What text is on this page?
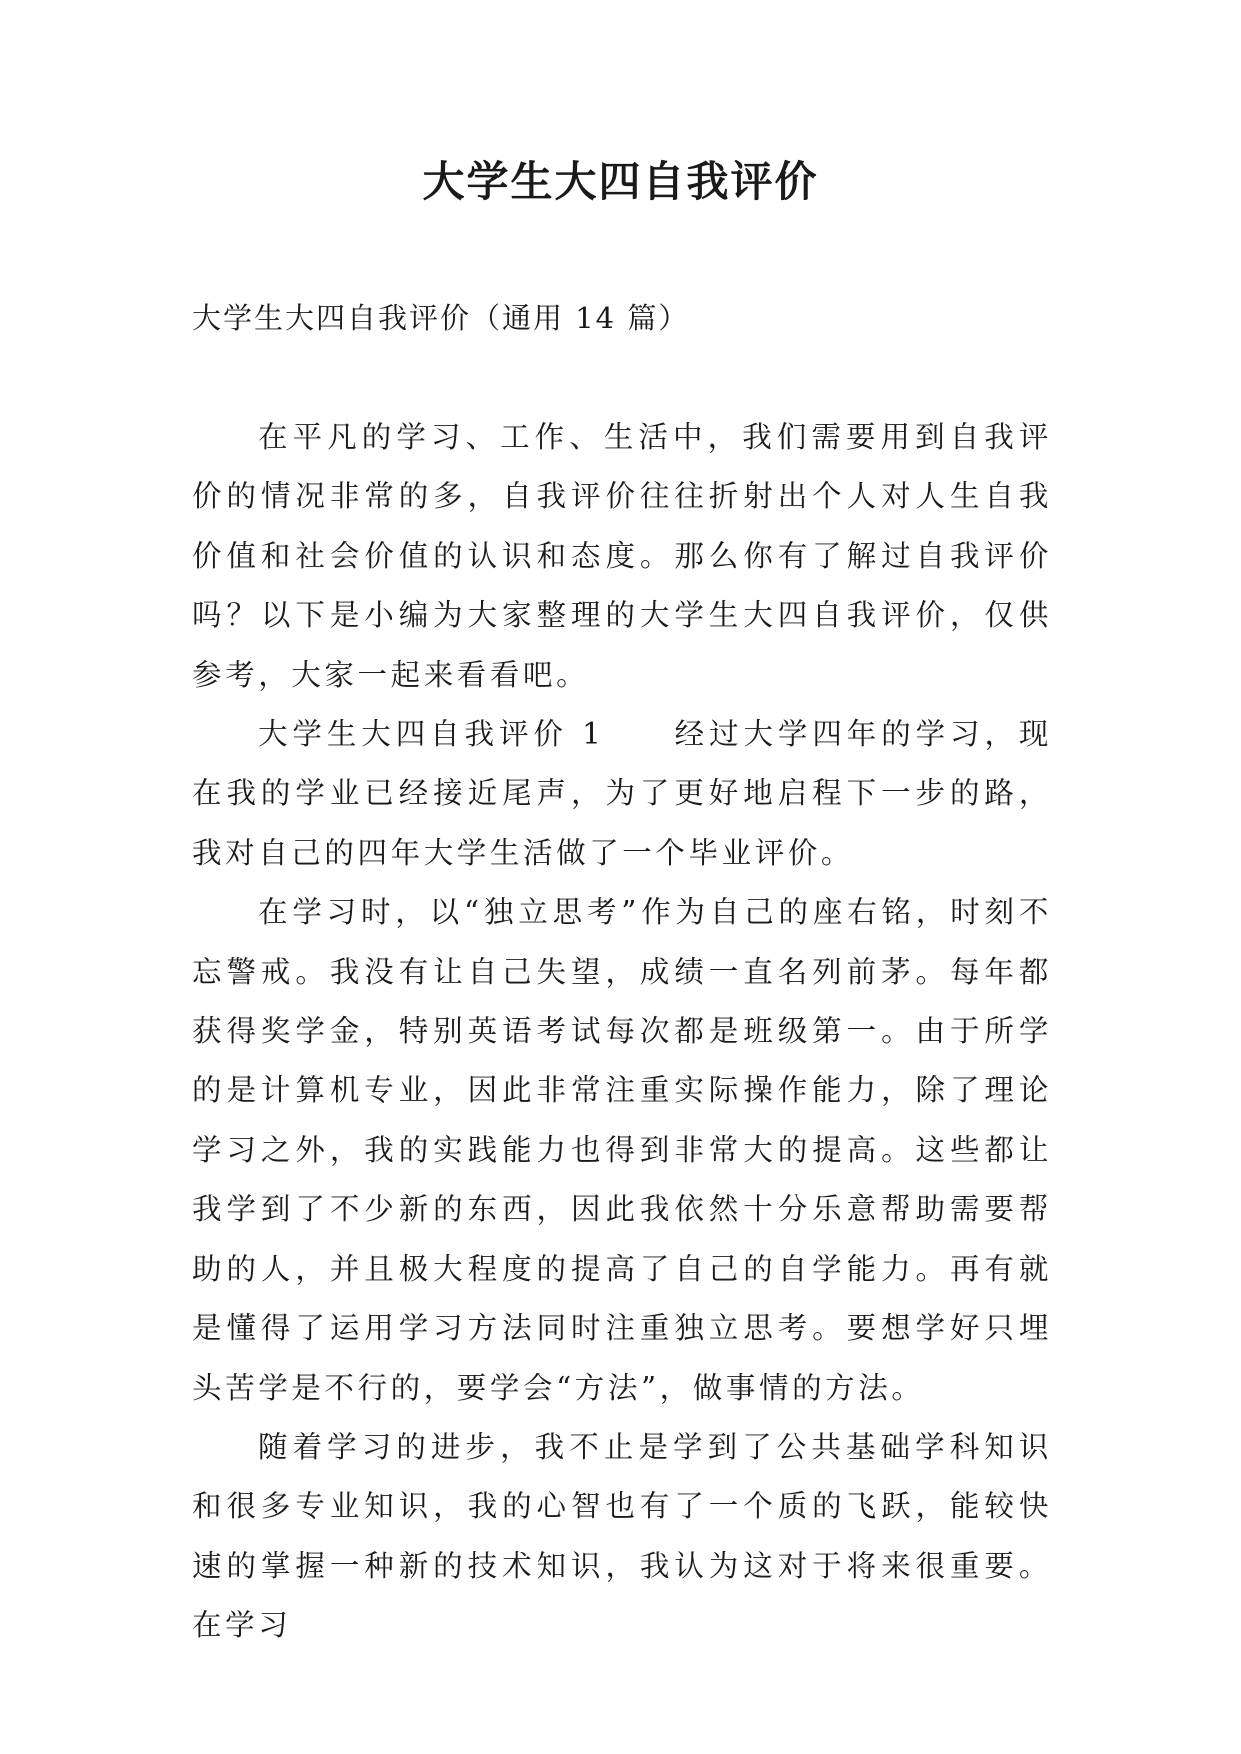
大学生大四自我评价

大学生大四自我评价（通用 14 篇）

在平凡的学习、工作、生活中，我们需要用到自我评价的情况非常的多，自我评价往往折射出个人对人生自我价值和社会价值的认识和态度。那么你有了解过自我评价吗？以下是小编为大家整理的大学生大四自我评价，仅供参考，大家一起来看看吧。

大学生大四自我评价 1　　经过大学四年的学习，现在我的学业已经接近尾声，为了更好地启程下一步的路，我对自己的四年大学生活做了一个毕业评价。

在学习时，以“独立思考”作为自己的座右铭，时刻不忘警戒。我没有让自己失望，成绩一直名列前茅。每年都获得奖学金，特别英语考试每次都是班级第一。由于所学的是计算机专业，因此非常注重实际操作能力，除了理论学习之外，我的实践能力也得到非常大的提高。这些都让我学到了不少新的东西，因此我依然十分乐意帮助需要帮助的人，并且极大程度的提高了自己的自学能力。再有就是懂得了运用学习方法同时注重独立思考。要想学好只埋头苦学是不行的，要学会“方法”，做事情的方法。

随着学习的进步，我不止是学到了公共基础学科知识和很多专业知识，我的心智也有了一个质的飞跃，能较快速的掌握一种新的技术知识，我认为这对于将来很重要。在学习
